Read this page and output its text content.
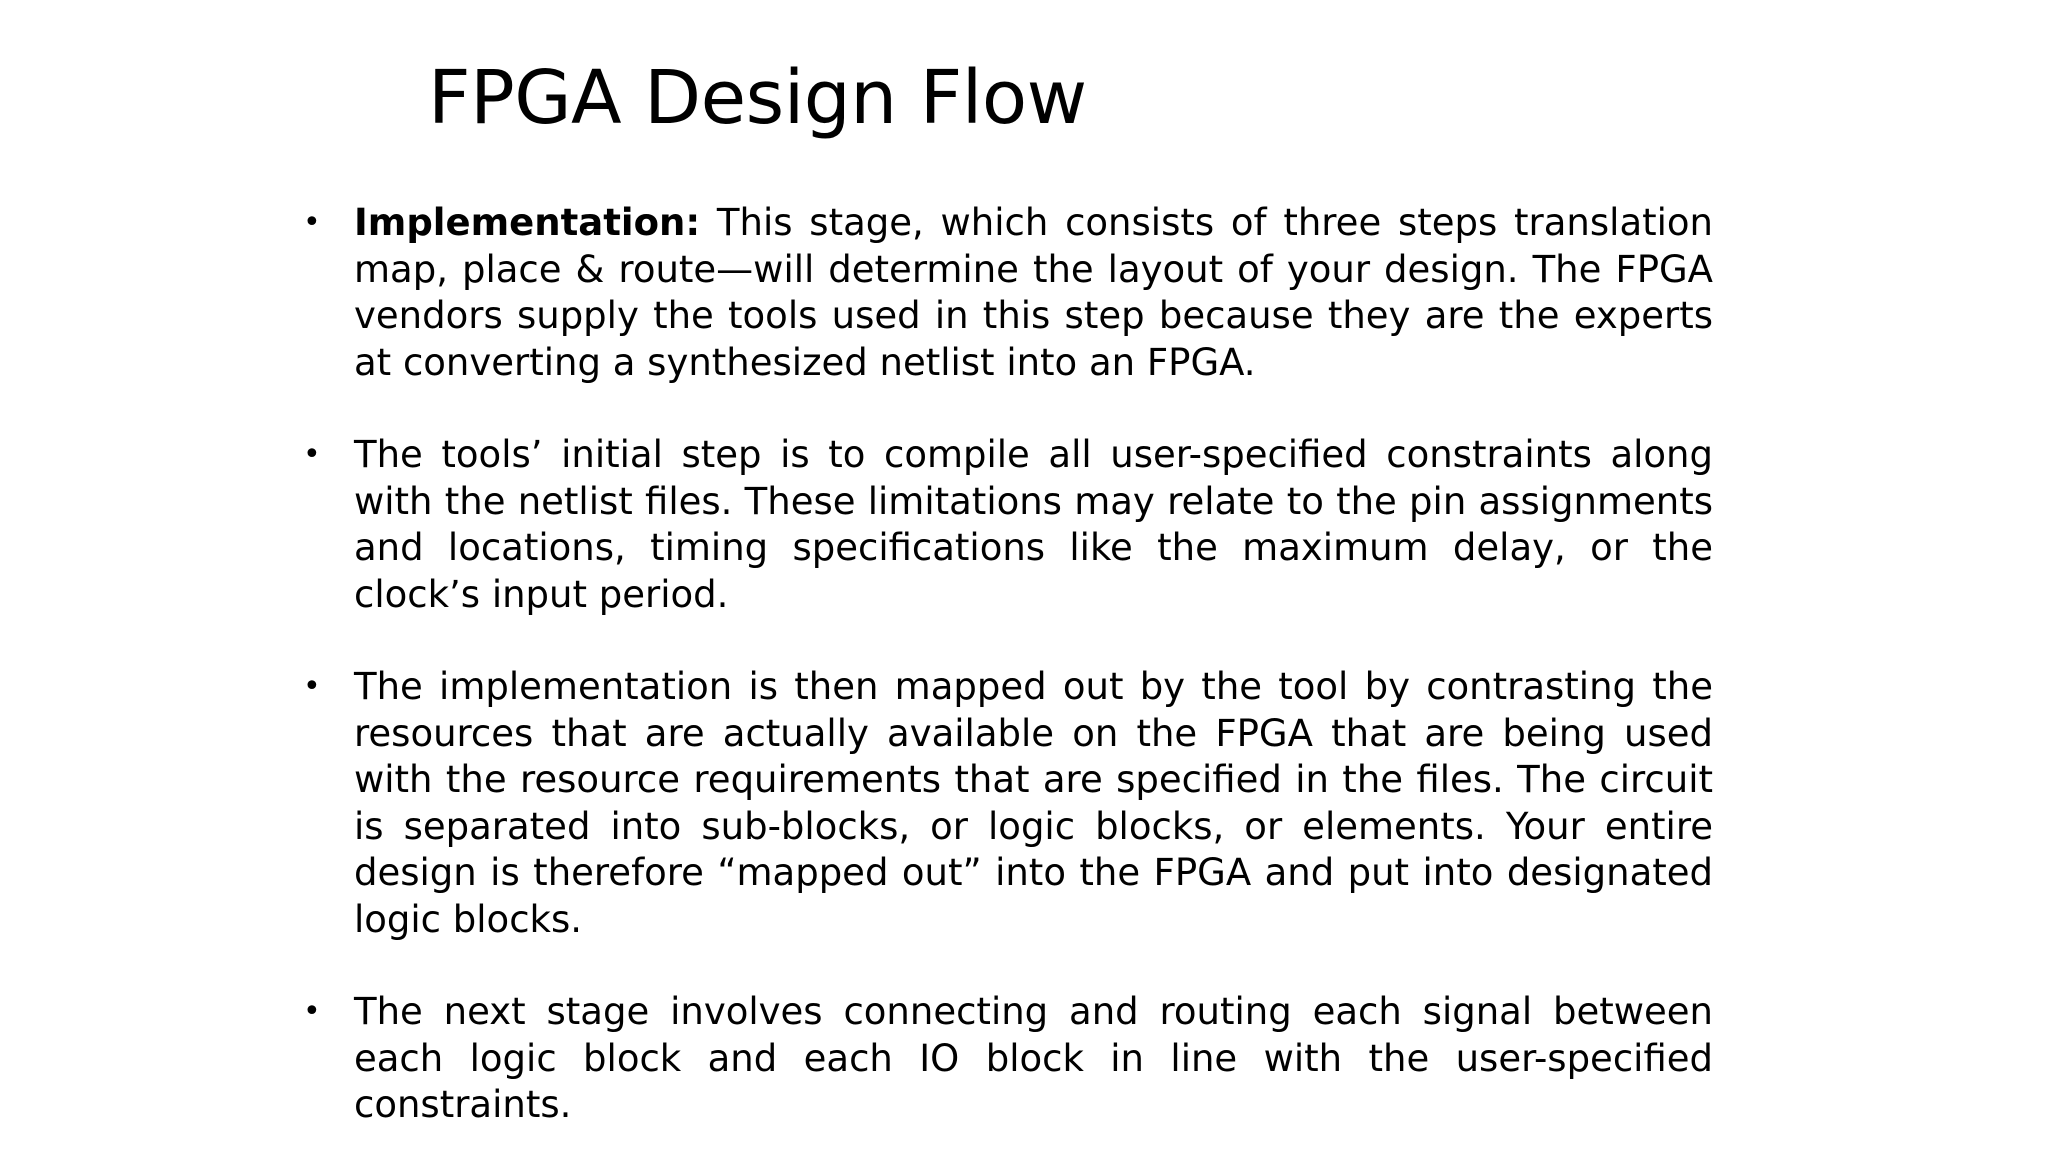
FPGA Design Flow
• Implementation: This stage, which consists of three steps translation map, place & route—will determine the layout of your design. The FPGA vendors supply the tools used in this step because they are the experts at converting a synthesized netlist into an FPGA.
• The tools’ initial step is to compile all user-specified constraints along with the netlist files. These limitations may relate to the pin assignments and locations, timing specifications like the maximum delay, or the clock’s input period.
• The implementation is then mapped out by the tool by contrasting the resources that are actually available on the FPGA that are being used with the resource requirements that are specified in the files. The circuit is separated into sub-blocks, or logic blocks, or elements. Your entire design is therefore “mapped out” into the FPGA and put into designated logic blocks.
• The next stage involves connecting and routing each signal between each logic block and each IO block in line with the user-specified constraints.
